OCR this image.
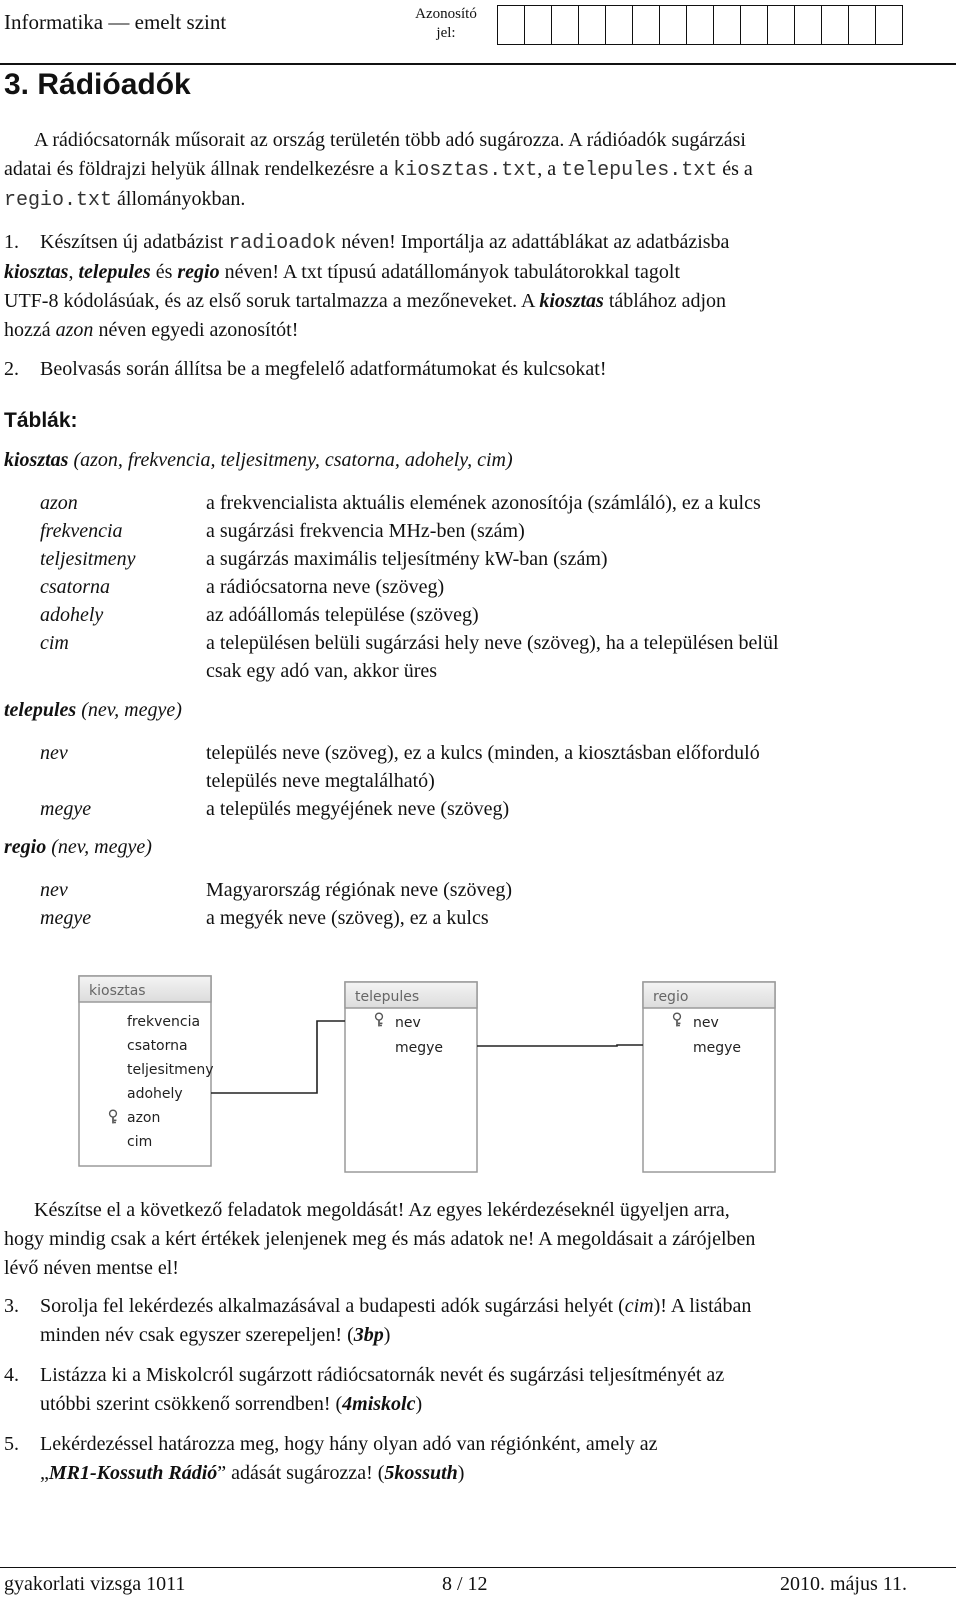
Informatika — emelt szint	Azonosító
jel:
3. Rádióadók
A rádiócsatornák műsorait az ország területén több adó sugározza. A rádióadók sugárzási
adatai és földrajzi helyük állnak rendelkezésre a kiosztas.txt, a telepules.txt és a
regio.txt állományokban.
1. Készítsen új adatbázist radioadok néven! Importálja az adattáblákat az adatbázisba
kiosztas, telepules és regio néven! A txt típusú adatállományok tabulátorokkal tagolt
UTF-8 kódolásúak, és az első soruk tartalmazza a mezőneveket. A kiosztas táblához adjon
hozzá azon néven egyedi azonosítót!
2. Beolvasás során állítsa be a megfelelő adatformátumokat és kulcsokat!
Táblák:
kiosztas (azon, frekvencia, teljesitmeny, csatorna, adohely, cim)
azon	a frekvencialista aktuális elemének azonosítója (számláló), ez a kulcs
frekvencia	a sugárzási frekvencia MHz-ben (szám)
teljesitmeny	a sugárzás maximális teljesítmény kW-ban (szám)
csatorna	a rádiócsatorna neve (szöveg)
adohely	az adóállomás települése (szöveg)
cim	a településen belüli sugárzási hely neve (szöveg), ha a településen belül
csak egy adó van, akkor üres
telepules (nev, megye)
nev	település neve (szöveg), ez a kulcs (minden, a kiosztásban előforduló
település neve megtalálható)
megye	a település megyéjének neve (szöveg)
regio (nev, megye)
nev	Magyarország régiónak neve (szöveg)
megye	a megyék neve (szöveg), ez a kulcs
kiosztas
frekvencia
csatorna
teljesitmeny
adohely
azon
cim
telepules
nev
megye
regio
nev
megye
Készítse el a következő feladatok megoldását! Az egyes lekérdezéseknél ügyeljen arra,
hogy mindig csak a kért értékek jelenjenek meg és más adatok ne! A megoldásait a zárójelben
lévő néven mentse el!
3. Sorolja fel lekérdezés alkalmazásával a budapesti adók sugárzási helyét (cim)! A listában
minden név csak egyszer szerepeljen! (3bp)
4. Listázza ki a Miskolcról sugárzott rádiócsatornák nevét és sugárzási teljesítményét az
utóbbi szerint csökkenő sorrendben! (4miskolc)
5. Lekérdezéssel határozza meg, hogy hány olyan adó van régiónként, amely az
„MR1-Kossuth Rádió” adását sugározza! (5kossuth)
gyakorlati vizsga 1011	8 / 12	2010. május 11.
